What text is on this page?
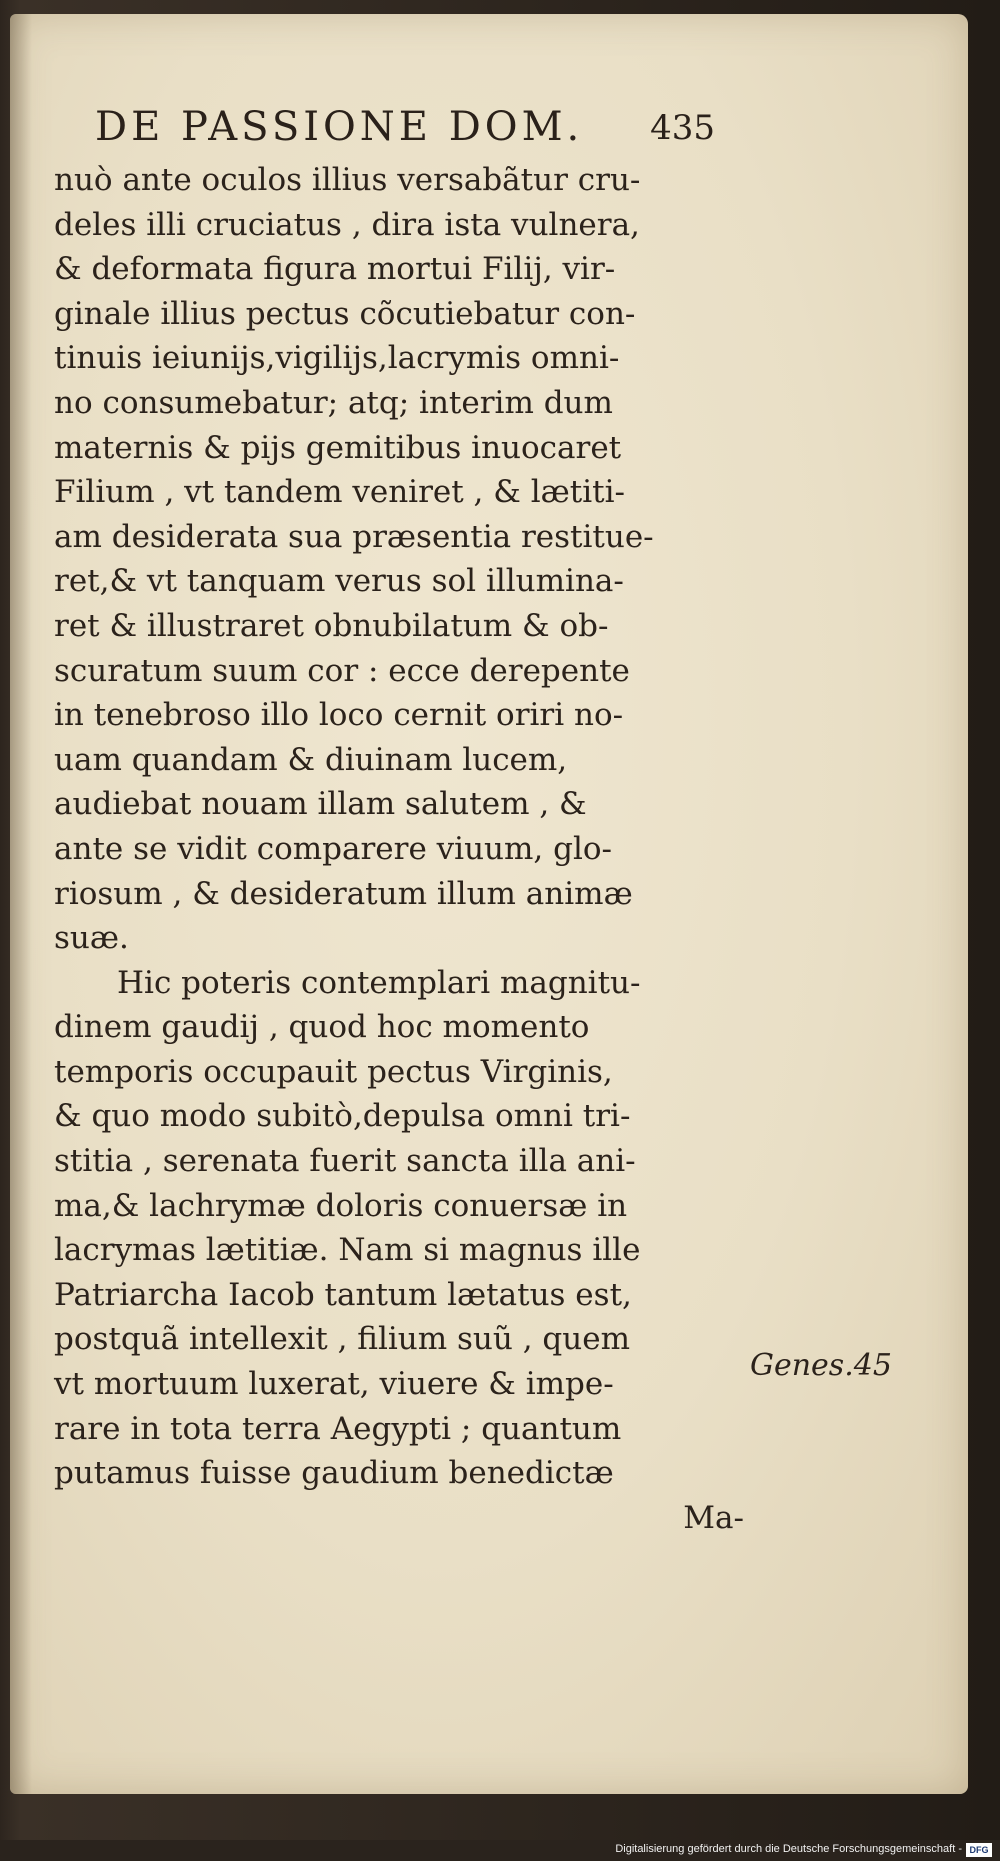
DE PASSIONE DOM. 435
nuò ante oculos illius versabãtur cru-
deles illi cruciatus , dira ista vulnera,
& deformata figura mortui Filij, vir-
ginale illius pectus cõcutiebatur con-
tinuis ieiunijs,vigilijs,lacrymis omni-
no consumebatur; atq; interim dum
maternis & pijs gemitibus inuocaret
Filium , vt tandem veniret , & lætiti-
am desiderata sua præsentia restitue-
ret,& vt tanquam verus sol illumina-
ret & illustraret obnubilatum & ob-
scuratum suum cor : ecce derepente
in tenebroso illo loco cernit oriri no-
uam quandam & diuinam lucem,
audiebat nouam illam salutem , &
ante se vidit comparere viuum, glo-
riosum , & desideratum illum animæ
suæ.
Hic poteris contemplari magnitu-
dinem gaudij , quod hoc momento
temporis occupauit pectus Virginis,
& quo modo subitò,depulsa omni tri-
stitia , serenata fuerit sancta illa ani-
ma,& lachrymæ doloris conuersæ in
lacrymas lætitiæ. Nam si magnus ille
Patriarcha Iacob tantum lætatus est,
postquã intellexit , filium suũ , quem
vt mortuum luxerat, viuere & impe-
rare in tota terra Aegypti ; quantum
putamus fuisse gaudium benedictæ
Ma-
Genes.45
Digitalisierung gefördert durch die Deutsche Forschungsgemeinschaft - DFG
